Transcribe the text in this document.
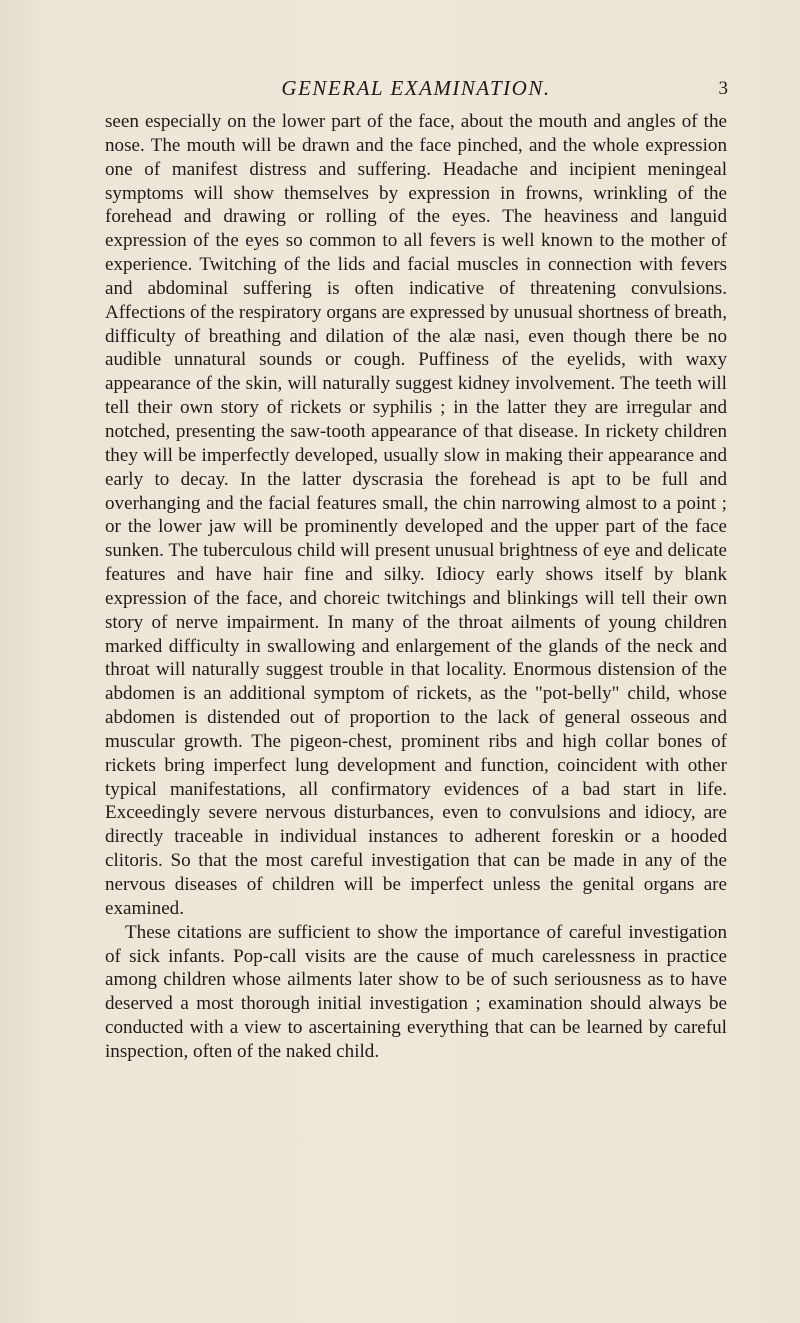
GENERAL EXAMINATION.	3

seen especially on the lower part of the face, about the mouth and angles of the nose. The mouth will be drawn and the face pinched, and the whole expression one of manifest distress and suffering. Headache and incipient meningeal symptoms will show themselves by expression in frowns, wrinkling of the forehead and drawing or rolling of the eyes. The heaviness and languid expression of the eyes so common to all fevers is well known to the mother of experience. Twitching of the lids and facial muscles in connection with fevers and abdominal suffering is often indicative of threatening convulsions. Affections of the respiratory organs are expressed by unusual shortness of breath, difficulty of breathing and dilation of the alæ nasi, even though there be no audible unnatural sounds or cough. Puffiness of the eyelids, with waxy appearance of the skin, will naturally suggest kidney involvement. The teeth will tell their own story of rickets or syphilis ; in the latter they are irregular and notched, presenting the saw-tooth appearance of that disease. In rickety children they will be imperfectly developed, usually slow in making their appearance and early to decay. In the latter dyscrasia the forehead is apt to be full and overhanging and the facial features small, the chin narrowing almost to a point ; or the lower jaw will be prominently developed and the upper part of the face sunken. The tuberculous child will present unusual brightness of eye and delicate features and have hair fine and silky. Idiocy early shows itself by blank expression of the face, and choreic twitchings and blinkings will tell their own story of nerve impairment. In many of the throat ailments of young children marked difficulty in swallowing and enlargement of the glands of the neck and throat will naturally suggest trouble in that locality. Enormous distension of the abdomen is an additional symptom of rickets, as the "pot-belly" child, whose abdomen is distended out of proportion to the lack of general osseous and muscular growth. The pigeon-chest, prominent ribs and high collar bones of rickets bring imperfect lung development and function, coincident with other typical manifestations, all confirmatory evidences of a bad start in life. Exceedingly severe nervous disturbances, even to convulsions and idiocy, are directly traceable in individual instances to adherent foreskin or a hooded clitoris. So that the most careful investigation that can be made in any of the nervous diseases of children will be imperfect unless the genital organs are examined.

These citations are sufficient to show the importance of careful investigation of sick infants. Pop-call visits are the cause of much carelessness in practice among children whose ailments later show to be of such seriousness as to have deserved a most thorough initial investigation ; examination should always be conducted with a view to ascertaining everything that can be learned by careful inspection, often of the naked child.
